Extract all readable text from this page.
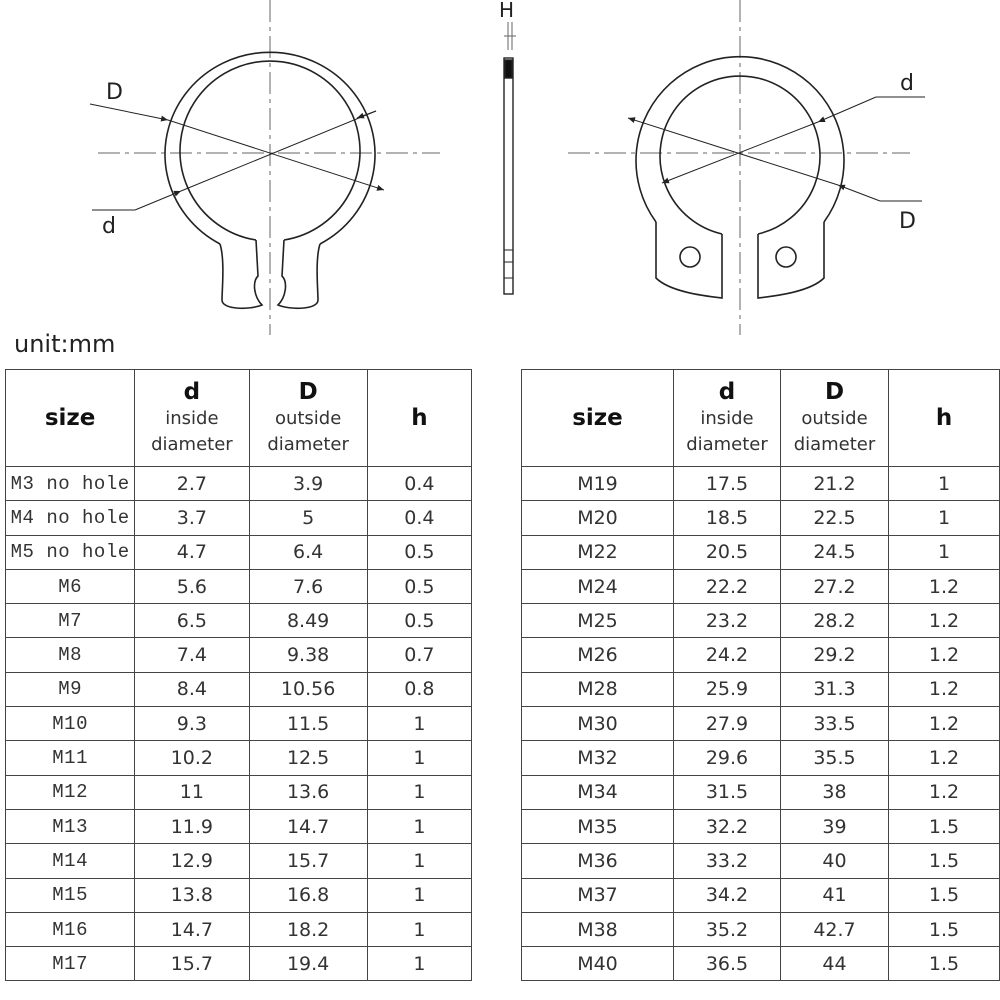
D
d
H
d
D
unit:mm
size	d
inside
diameter	D
outside
diameter	h

M3 no hole	2.7	3.9	0.4
M4 no hole	3.7	5	0.4
M5 no hole	4.7	6.4	0.5
M6	5.6	7.6	0.5
M7	6.5	8.49	0.5
M8	7.4	9.38	0.7
M9	8.4	10.56	0.8
M10	9.3	11.5	1
M11	10.2	12.5	1
M12	11	13.6	1
M13	11.9	14.7	1
M14	12.9	15.7	1
M15	13.8	16.8	1
M16	14.7	18.2	1
M17	15.7	19.4	1
size	d
inside
diameter	D
outside
diameter	h

M19	17.5	21.2	1
M20	18.5	22.5	1
M22	20.5	24.5	1
M24	22.2	27.2	1.2
M25	23.2	28.2	1.2
M26	24.2	29.2	1.2
M28	25.9	31.3	1.2
M30	27.9	33.5	1.2
M32	29.6	35.5	1.2
M34	31.5	38	1.2
M35	32.2	39	1.5
M36	33.2	40	1.5
M37	34.2	41	1.5
M38	35.2	42.7	1.5
M40	36.5	44	1.5
